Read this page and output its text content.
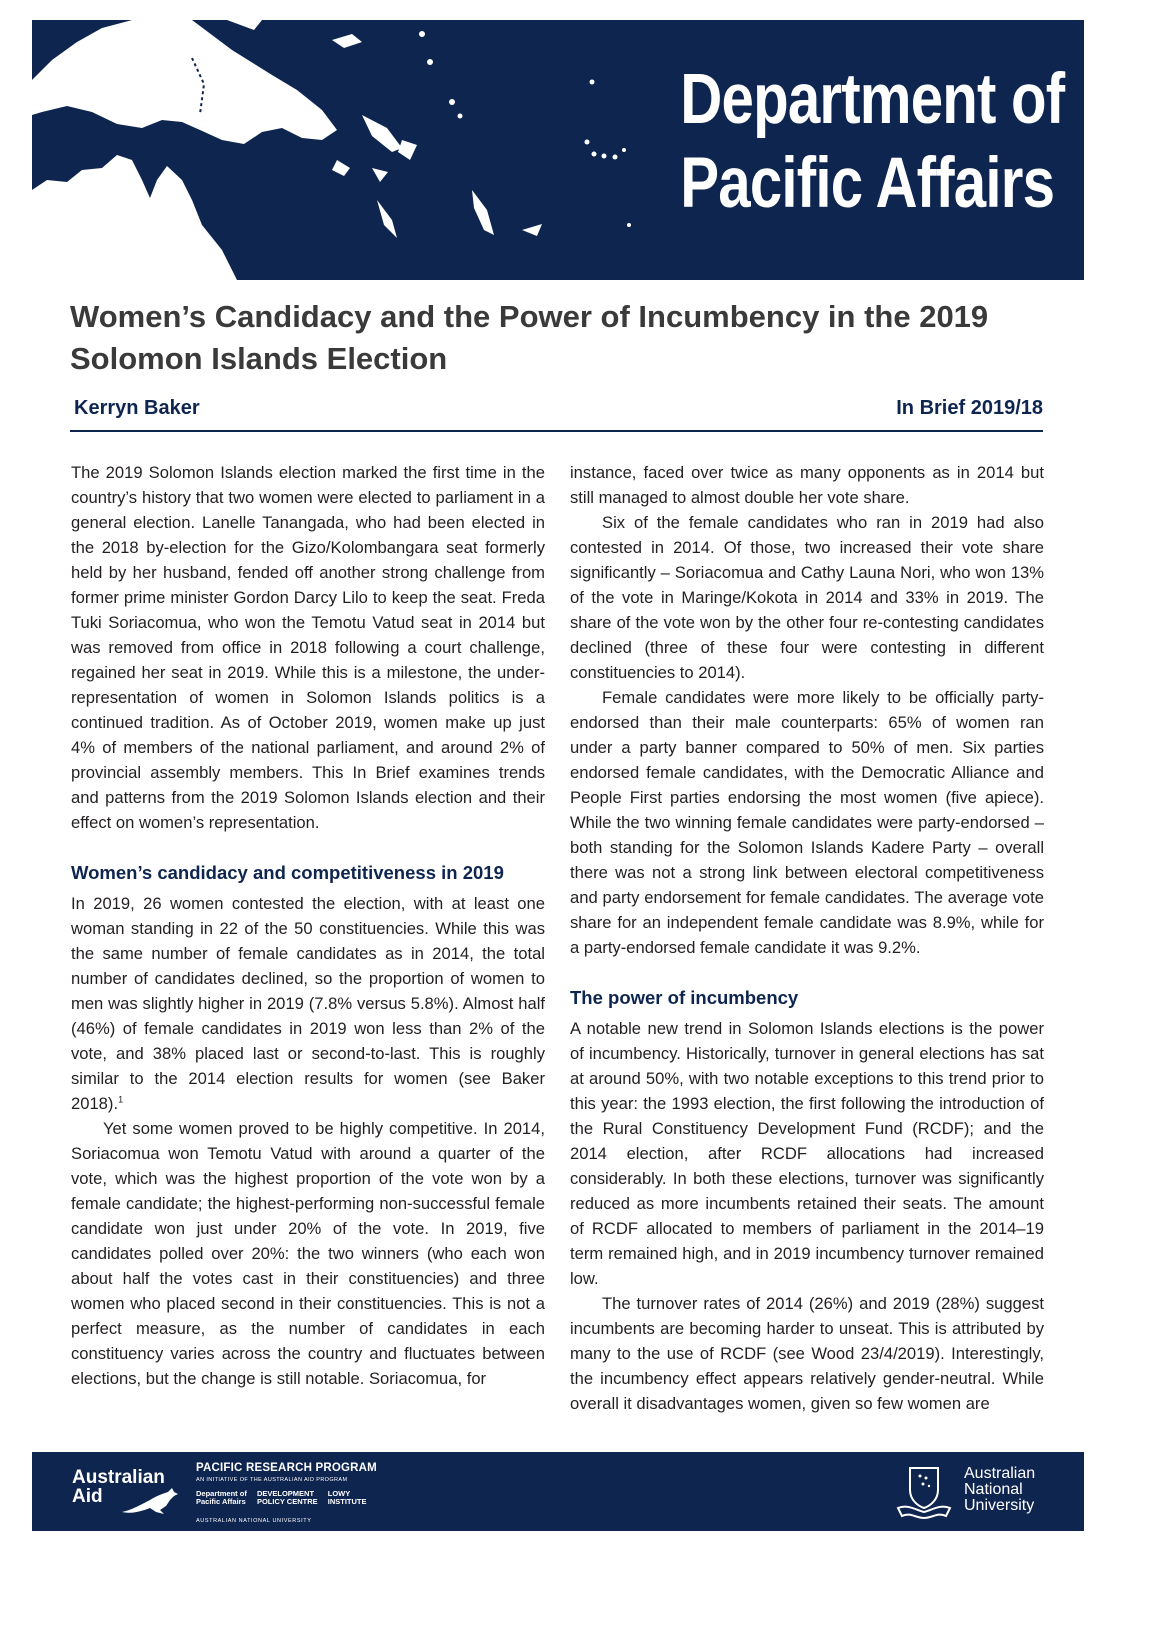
Department of
Pacific Affairs
Women’s Candidacy and the Power of Incumbency in the 2019 Solomon Islands Election
Kerryn Baker	In Brief 2019/18

The 2019 Solomon Islands election marked the first time in the country’s history that two women were elected to parliament in a general election. Lanelle Tanangada, who had been elected in the 2018 by-election for the Gizo/Kolombangara seat formerly held by her husband, fended off another strong challenge from former prime minister Gordon Darcy Lilo to keep the seat. Freda Tuki Soriacomua, who won the Temotu Vatud seat in 2014 but was removed from office in 2018 following a court challenge, regained her seat in 2019. While this is a milestone, the under-representation of women in Solomon Islands politics is a continued tradition. As of October 2019, women make up just 4% of members of the national parliament, and around 2% of provincial assembly members. This In Brief examines trends and patterns from the 2019 Solomon Islands election and their effect on women’s representation.

Women’s candidacy and competitiveness in 2019

In 2019, 26 women contested the election, with at least one woman standing in 22 of the 50 constituencies. While this was the same number of female candidates as in 2014, the total number of candidates declined, so the proportion of women to men was slightly higher in 2019 (7.8% versus 5.8%). Almost half (46%) of female candidates in 2019 won less than 2% of the vote, and 38% placed last or second-to-last. This is roughly similar to the 2014 election results for women (see Baker 2018).$^1$

Yet some women proved to be highly competitive. In 2014, Soriacomua won Temotu Vatud with around a quarter of the vote, which was the highest proportion of the vote won by a female candidate; the highest-performing non-successful female candidate won just under 20% of the vote. In 2019, five candidates polled over 20%: the two winners (who each won about half the votes cast in their constituencies) and three women who placed second in their constituencies. This is not a perfect measure, as the number of candidates in each constituency varies across the country and fluctuates between elections, but the change is still notable. Soriacomua, for

instance, faced over twice as many opponents as in 2014 but still managed to almost double her vote share.

Six of the female candidates who ran in 2019 had also contested in 2014. Of those, two increased their vote share significantly – Soriacomua and Cathy Launa Nori, who won 13% of the vote in Maringe/Kokota in 2014 and 33% in 2019. The share of the vote won by the other four re-contesting candidates declined (three of these four were contesting in different constituencies to 2014).

Female candidates were more likely to be officially party-endorsed than their male counterparts: 65% of women ran under a party banner compared to 50% of men. Six parties endorsed female candidates, with the Democratic Alliance and People First parties endorsing the most women (five apiece). While the two winning female candidates were party-endorsed – both standing for the Solomon Islands Kadere Party – overall there was not a strong link between electoral competitiveness and party endorsement for female candidates. The average vote share for an independent female candidate was 8.9%, while for a party-endorsed female candidate it was 9.2%.

The power of incumbency

A notable new trend in Solomon Islands elections is the power of incumbency. Historically, turnover in general elections has sat at around 50%, with two notable exceptions to this trend prior to this year: the 1993 election, the first following the introduction of the Rural Constituency Development Fund (RCDF); and the 2014 election, after RCDF allocations had increased considerably. In both these elections, turnover was significantly reduced as more incumbents retained their seats. The amount of RCDF allocated to members of parliament in the 2014–19 term remained high, and in 2019 incumbency turnover remained low.

The turnover rates of 2014 (26%) and 2019 (28%) suggest incumbents are becoming harder to unseat. This is attributed by many to the use of RCDF (see Wood 23/4/2019). Interestingly, the incumbency effect appears relatively gender-neutral. While overall it disadvantages women, given so few women are

Australian
Aid
PACIFIC RESEARCH PROGRAM
AN INITIATIVE OF THE AUSTRALIAN AID PROGRAM
Department of
Pacific Affairs

DEVELOPMENT
POLICY CENTRE

LOWY
INSTITUTE
AUSTRALIAN NATIONAL UNIVERSITY
Australian
National
University
